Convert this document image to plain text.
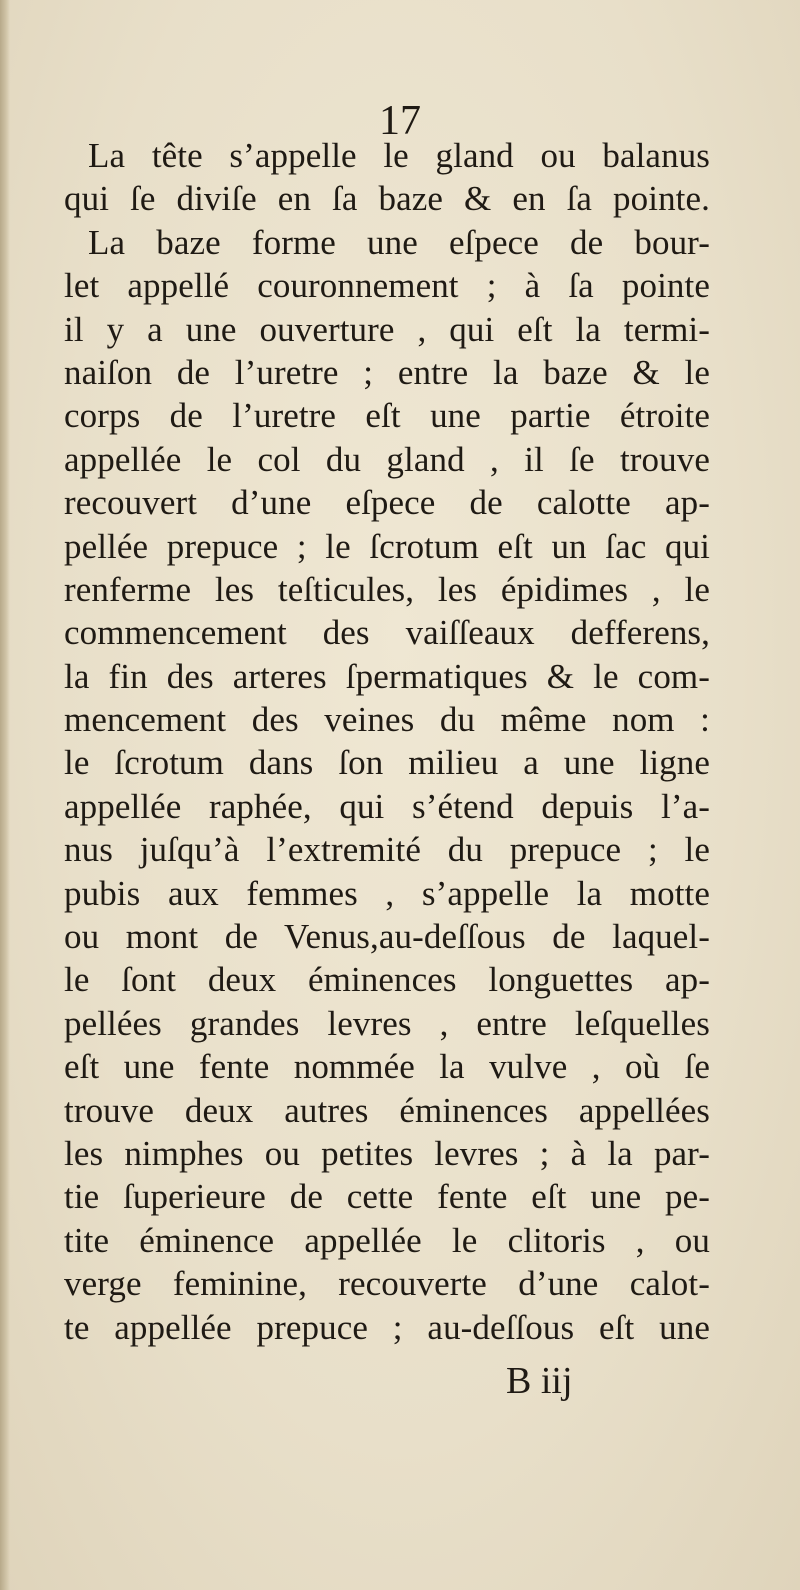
17
La tête s’appelle le gland ou balanus
qui ſe diviſe en ſa baze & en ſa pointe.
La baze forme une eſpece de bour-
let appellé couronnement ; à ſa pointe
il y a une ouverture , qui eſt la termi-
naiſon de l’uretre ; entre la baze & le
corps de l’uretre eſt une partie étroite
appellée le col du gland , il ſe trouve
recouvert d’une eſpece de calotte ap-
pellée prepuce ; le ſcrotum eſt un ſac qui
renferme les teſticules, les épidimes , le
commencement des vaiſſeaux defferens,
la fin des arteres ſpermatiques & le com-
mencement des veines du même nom :
le ſcrotum dans ſon milieu a une ligne
appellée raphée, qui s’étend depuis l’a-
nus juſqu’à l’extremité du prepuce ; le
pubis aux femmes , s’appelle la motte
ou mont de Venus,au-deſſous de laquel-
le ſont deux éminences longuettes ap-
pellées grandes levres , entre leſquelles
eſt une fente nommée la vulve , où ſe
trouve deux autres éminences appellées
les nimphes ou petites levres ; à la par-
tie ſuperieure de cette fente eſt une pe-
tite éminence appellée le clitoris , ou
verge feminine, recouverte d’une calot-
te appellée prepuce ; au-deſſous eſt une
B iij
